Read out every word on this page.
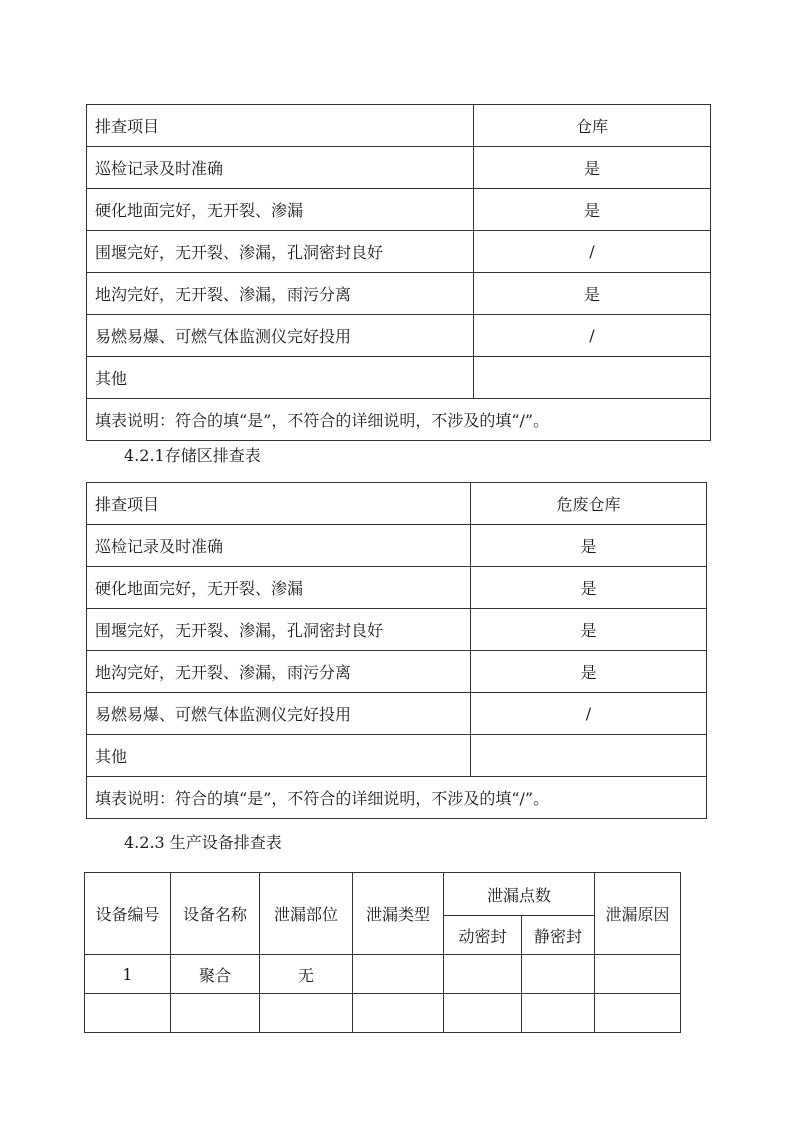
排查项目	仓库
巡检记录及时准确	是
硬化地面完好，无开裂、渗漏	是
围堰完好，无开裂、渗漏，孔洞密封良好	/
地沟完好，无开裂、渗漏，雨污分离	是
易燃易爆、可燃气体监测仪完好投用	/
其他	
填表说明：符合的填“是”，不符合的详细说明，不涉及的填“/”。	

4.2.1存储区排查表

排查项目	危废仓库
巡检记录及时准确	是
硬化地面完好，无开裂、渗漏	是
围堰完好，无开裂、渗漏，孔洞密封良好	是
地沟完好，无开裂、渗漏，雨污分离	是
易燃易爆、可燃气体监测仪完好投用	/
其他	
填表说明：符合的填“是”，不符合的详细说明，不涉及的填“/”。	

4.2.3 生产设备排查表

设备编号	设备名称	泄漏部位	泄漏类型	泄漏点数		泄漏原因
				动密封	静密封	
1	聚合	无				
